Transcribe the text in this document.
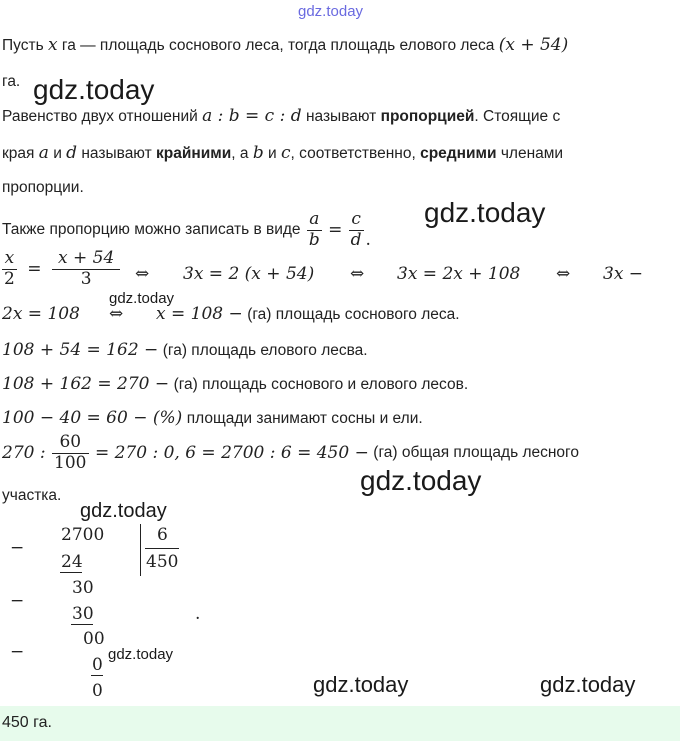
gdz.today
Пусть x га — площадь соснового леса, тогда площадь елового леса (x + 54)
га. gdz.today
Равенство двух отношений a : b = c : d называют пропорцией. Стоящие с
края a и d называют крайними, а b и c, соответственно, средними членами
пропорции.
Также пропорцию можно записать в виде $\frac{a}{b} = \frac{c}{d}$ .
gdz.today
$\frac{x}{2} = \frac{x + 54}{3}$ ⇔ 3x = 2 (x + 54) ⇔ 3x = 2x + 108 ⇔ 3x −
2x = 108 ⇔
gdz.today
x = 108 − (га) площадь соснового леса.
108 + 54 = 162 − (га) площадь елового лесва.
108 + 162 = 270 − (га) площадь соснового и елового лесов.
100 − 40 = 60 − (%) площади занимают сосны и ели.
270 : $\frac{60}{100} = 270$ : 0, 6 = 2700 : 6 = 450 − (га) общая площадь лесного
участка.	gdz.today
gdz.today
2700
−
24
6
450
30
−
30	.
00
−
0
gdz.today
0	gdz.today	gdz.today
450 га.
